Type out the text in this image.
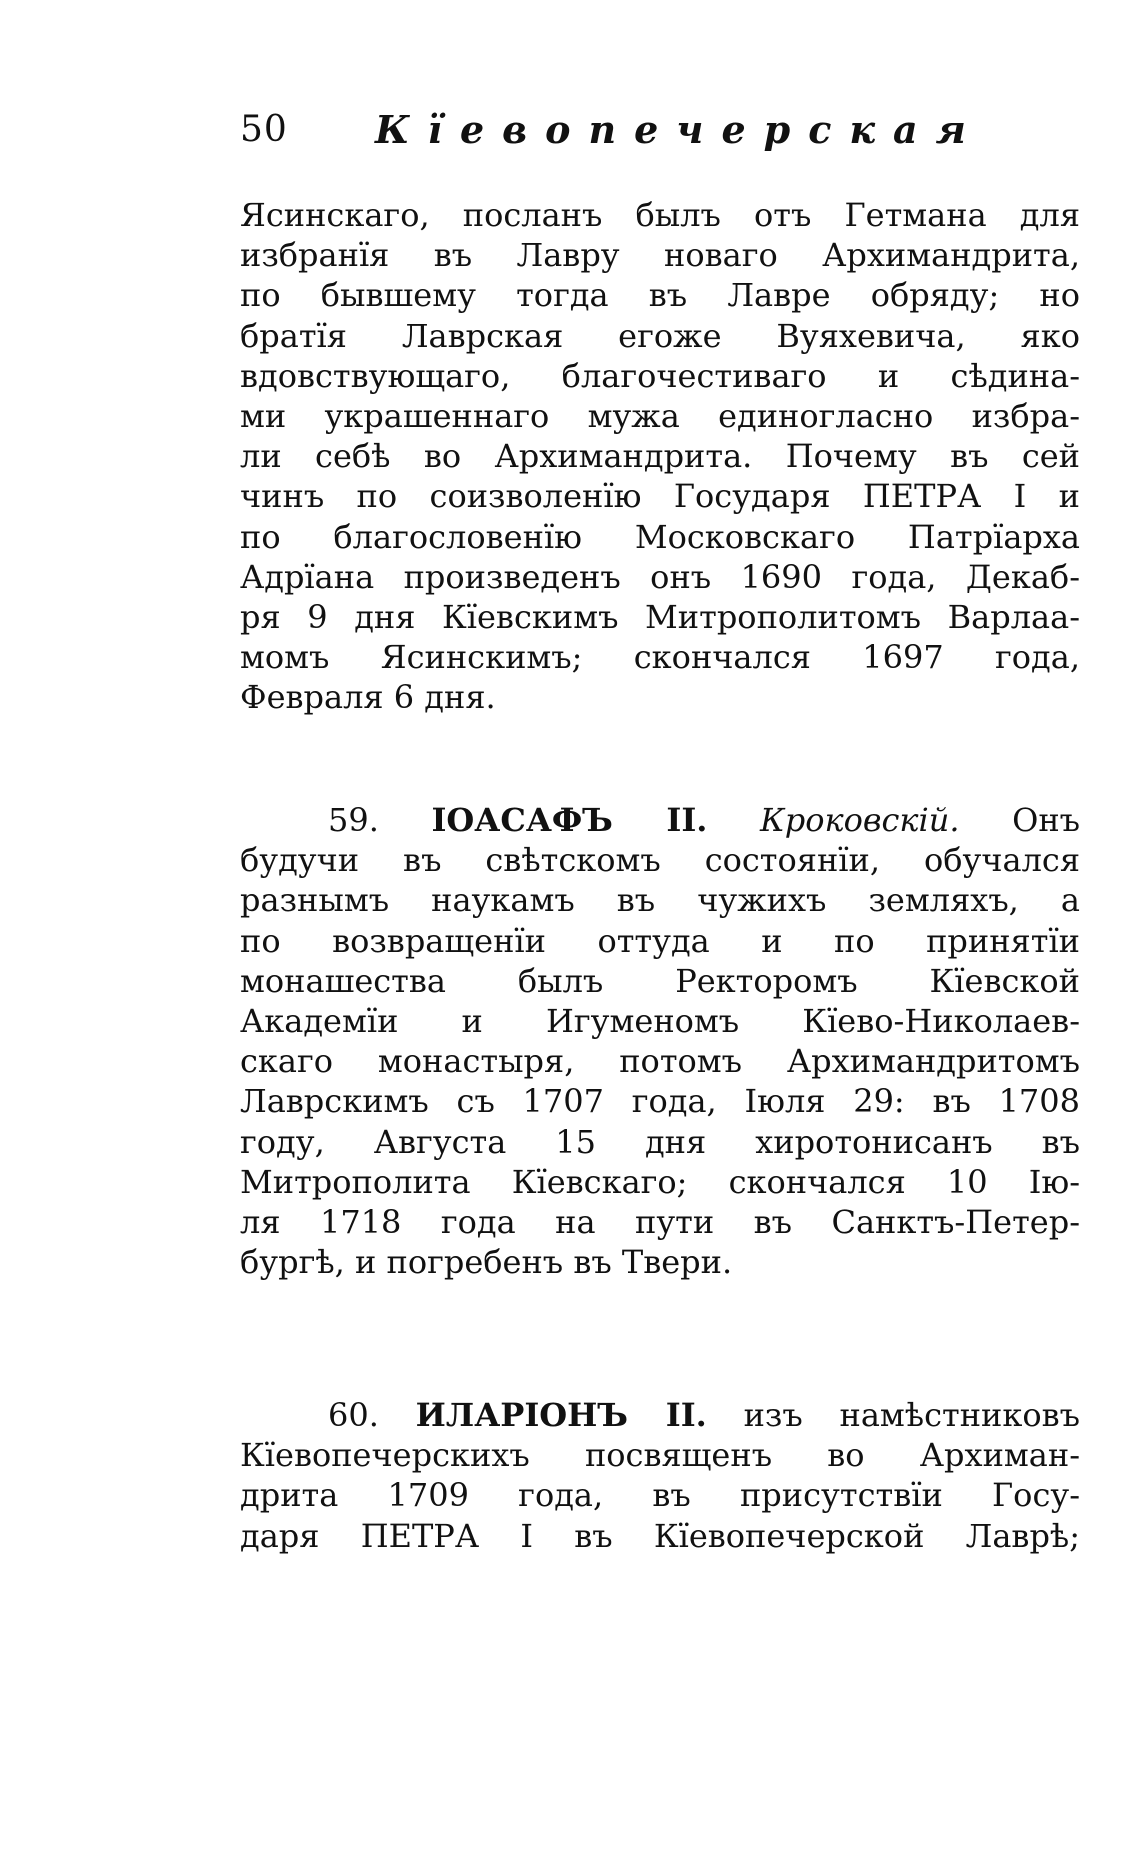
50 Кїевопечерская
Ясинскаго, посланъ былъ отъ Гетмана для
избранїя въ Лавру новаго Архимандрита,
по бывшему тогда въ Лавре обряду; но
братїя Лаврская егоже Вуяхевича, яко
вдовствующаго, благочестиваго и сѣдина-
ми украшеннаго мужа единогласно избра-
ли себѣ во Архимандрита. Почему въ сей
чинъ по соизволенїю Государя ПЕТРА I и
по благословенїю Московскаго Патрїарха
Адрїана произведенъ онъ 1690 года, Декаб-
ря 9 дня Кїевскимъ Митрополитомъ Варлаа-
момъ Ясинскимъ; скончался 1697 года,
Февраля 6 дня.
59. ІОАСАФЪ II. Кроковскій. Онъ
будучи въ свѣтскомъ состоянїи, обучался
разнымъ наукамъ въ чужихъ земляхъ, а
по возвращенїи оттуда и по принятїи
монашества былъ Ректоромъ Кїевской
Академїи и Игуменомъ Кїево-Николаев-
скаго монастыря, потомъ Архимандритомъ
Лаврскимъ съ 1707 года, Іюля 29: въ 1708
году, Августа 15 дня хиротонисанъ въ
Митрополита Кїевскаго; скончался 10 Ію-
ля 1718 года на пути въ Санктъ-Петер-
бургѣ, и погребенъ въ Твери.
60. ИЛАРІОНЪ II. изъ намѣстниковъ
Кїевопечерскихъ посвященъ во Архиман-
дрита 1709 года, въ присутствїи Госу-
даря ПЕТРА I въ Кїевопечерской Лаврѣ;
